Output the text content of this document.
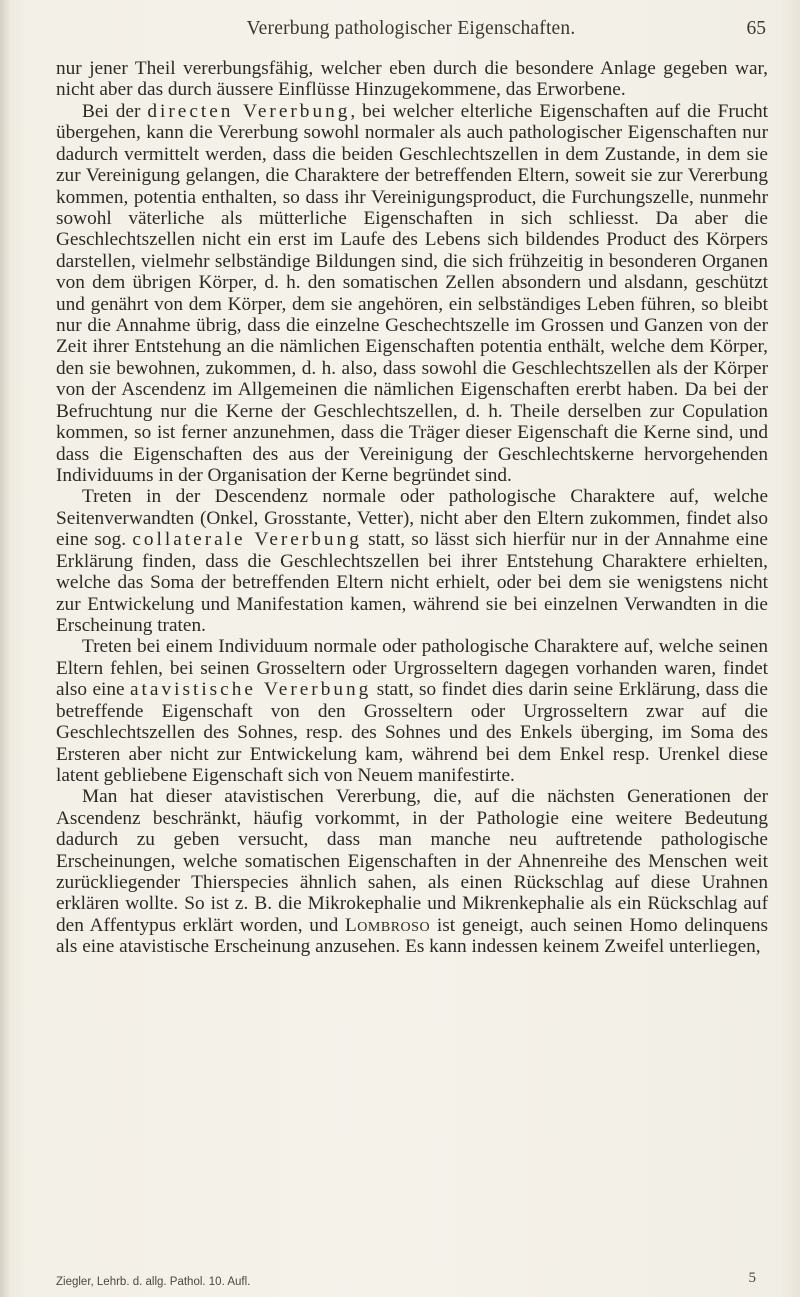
Vererbung pathologischer Eigenschaften.	65

nur jener Theil vererbungsfähig, welcher eben durch die besondere Anlage gegeben war, nicht aber das durch äussere Einflüsse Hinzugekommene, das Erworbene.

Bei der directen Vererbung, bei welcher elterliche Eigenschaften auf die Frucht übergehen, kann die Vererbung sowohl normaler als auch pathologischer Eigenschaften nur dadurch vermittelt werden, dass die beiden Geschlechtszellen in dem Zustande, in dem sie zur Vereinigung gelangen, die Charaktere der betreffenden Eltern, soweit sie zur Vererbung kommen, potentia enthalten, so dass ihr Vereinigungsproduct, die Furchungszelle, nunmehr sowohl väterliche als mütterliche Eigenschaften in sich schliesst. Da aber die Geschlechtszellen nicht ein erst im Laufe des Lebens sich bildendes Product des Körpers darstellen, vielmehr selbständige Bildungen sind, die sich frühzeitig in besonderen Organen von dem übrigen Körper, d. h. den somatischen Zellen absondern und alsdann, geschützt und genährt von dem Körper, dem sie angehören, ein selbständiges Leben führen, so bleibt nur die Annahme übrig, dass die einzelne Geschechtszelle im Grossen und Ganzen von der Zeit ihrer Entstehung an die nämlichen Eigenschaften potentia enthält, welche dem Körper, den sie bewohnen, zukommen, d. h. also, dass sowohl die Geschlechtszellen als der Körper von der Ascendenz im Allgemeinen die nämlichen Eigenschaften ererbt haben. Da bei der Befruchtung nur die Kerne der Geschlechtszellen, d. h. Theile derselben zur Copulation kommen, so ist ferner anzunehmen, dass die Träger dieser Eigenschaft die Kerne sind, und dass die Eigenschaften des aus der Vereinigung der Geschlechtskerne hervorgehenden Individuums in der Organisation der Kerne begründet sind.

Treten in der Descendenz normale oder pathologische Charaktere auf, welche Seitenverwandten (Onkel, Grosstante, Vetter), nicht aber den Eltern zukommen, findet also eine sog. collaterale Vererbung statt, so lässt sich hierfür nur in der Annahme eine Erklärung finden, dass die Geschlechtszellen bei ihrer Entstehung Charaktere erhielten, welche das Soma der betreffenden Eltern nicht erhielt, oder bei dem sie wenigstens nicht zur Entwickelung und Manifestation kamen, während sie bei einzelnen Verwandten in die Erscheinung traten.

Treten bei einem Individuum normale oder pathologische Charaktere auf, welche seinen Eltern fehlen, bei seinen Grosseltern oder Urgrosseltern dagegen vorhanden waren, findet also eine atavistische Vererbung statt, so findet dies darin seine Erklärung, dass die betreffende Eigenschaft von den Grosseltern oder Urgrosseltern zwar auf die Geschlechtszellen des Sohnes, resp. des Sohnes und des Enkels überging, im Soma des Ersteren aber nicht zur Entwickelung kam, während bei dem Enkel resp. Urenkel diese latent gebliebene Eigenschaft sich von Neuem manifestirte.

Man hat dieser atavistischen Vererbung, die, auf die nächsten Generationen der Ascendenz beschränkt, häufig vorkommt, in der Pathologie eine weitere Bedeutung dadurch zu geben versucht, dass man manche neu auftretende pathologische Erscheinungen, welche somatischen Eigenschaften in der Ahnenreihe des Menschen weit zurückliegender Thierspecies ähnlich sahen, als einen Rückschlag auf diese Urahnen erklären wollte. So ist z. B. die Mikrokephalie und Mikrenkephalie als ein Rückschlag auf den Affentypus erklärt worden, und Lombroso ist geneigt, auch seinen Homo delinquens als eine atavistische Erscheinung anzusehen. Es kann indessen keinem Zweifel unterliegen,

Ziegler, Lehrb. d. allg. Pathol. 10. Aufl.	5
